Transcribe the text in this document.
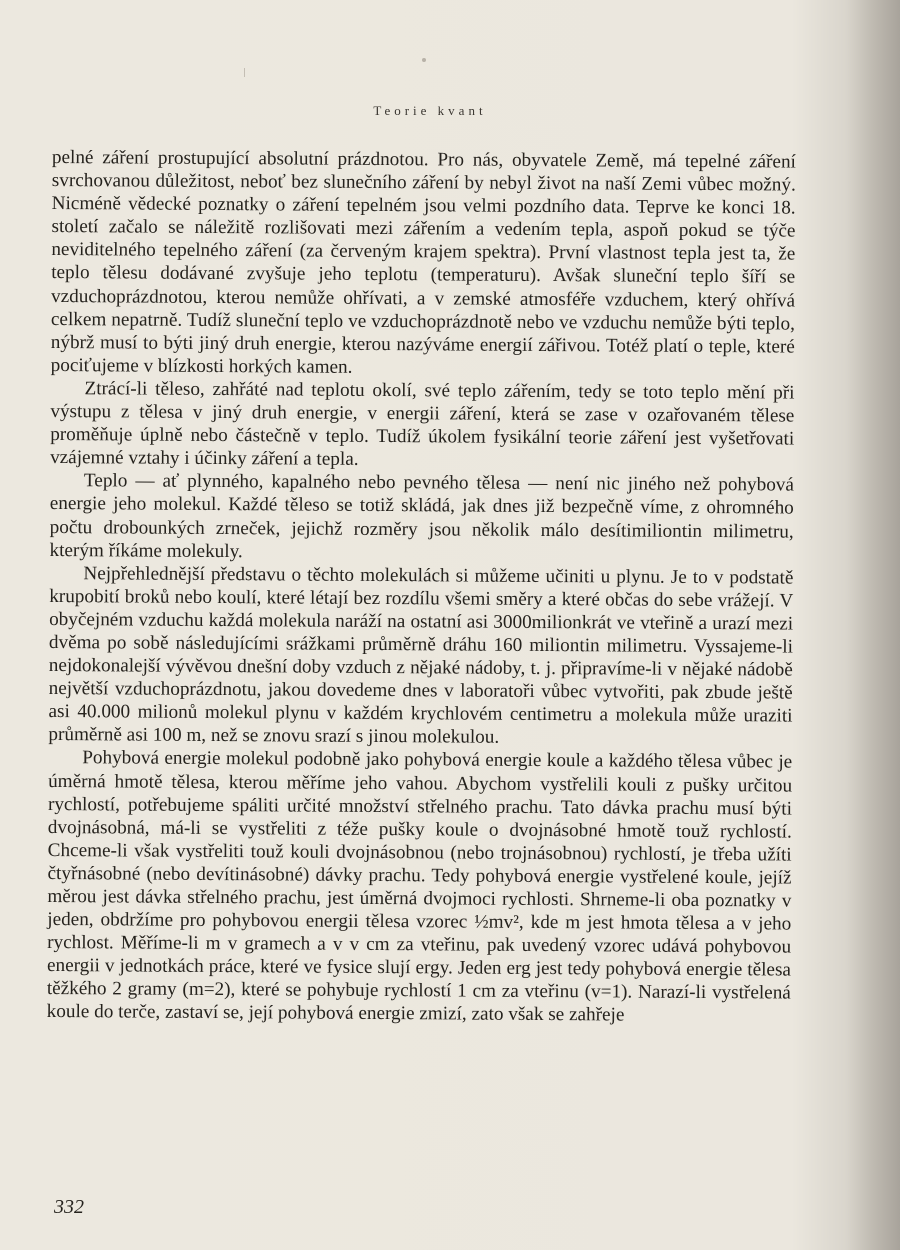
Teorie kvant

pelné záření prostupující absolutní prázdnotou. Pro nás, obyvatele Země, má tepelné záření svrchovanou důležitost, neboť bez slunečního záření by nebyl život na naší Zemi vůbec možný. Nicméně vědecké poznatky o záření tepelném jsou velmi pozdního data. Teprve ke konci 18. století začalo se náležitě rozlišovati mezi zářením a vedením tepla, aspoň pokud se týče neviditelného tepelného záření (za červeným krajem spektra). První vlastnost tepla jest ta, že teplo tělesu dodávané zvyšuje jeho teplotu (temperaturu). Avšak sluneční teplo šíří se vzduchoprázdnotou, kterou nemůže ohřívati, a v zemské atmosféře vzduchem, který ohřívá celkem nepatrně. Tudíž sluneční teplo ve vzduchoprázdnotě nebo ve vzduchu nemůže býti teplo, nýbrž musí to býti jiný druh energie, kterou nazýváme energií zářivou. Totéž platí o teple, které pociťujeme v blízkosti horkých kamen.

Ztrácí-li těleso, zahřáté nad teplotu okolí, své teplo zářením, tedy se toto teplo mění při výstupu z tělesa v jiný druh energie, v energii záření, která se zase v ozařovaném tělese proměňuje úplně nebo částečně v teplo. Tudíž úkolem fysikální teorie záření jest vyšetřovati vzájemné vztahy i účinky záření a tepla.

Teplo — ať plynného, kapalného nebo pevného tělesa — není nic jiného než pohybová energie jeho molekul. Každé těleso se totiž skládá, jak dnes již bezpečně víme, z ohromného počtu drobounkých zrneček, jejichž rozměry jsou několik málo desítimiliontin milimetru, kterým říkáme molekuly.

Nejpřehlednější představu o těchto molekulách si můžeme učiniti u plynu. Je to v podstatě krupobití broků nebo koulí, které létají bez rozdílu všemi směry a které občas do sebe vrážejí. V obyčejném vzduchu každá molekula naráží na ostatní asi 3000milionkrát ve vteřině a urazí mezi dvěma po sobě následujícími srážkami průměrně dráhu 160 miliontin milimetru. Vyssajeme-li nejdokonalejší vývěvou dnešní doby vzduch z nějaké nádoby, t. j. připravíme-li v nějaké nádobě největší vzduchoprázdnotu, jakou dovedeme dnes v laboratoři vůbec vytvořiti, pak zbude ještě asi 40.000 milionů molekul plynu v každém krychlovém centimetru a molekula může uraziti průměrně asi 100 m, než se znovu srazí s jinou molekulou.

Pohybová energie molekul podobně jako pohybová energie koule a každého tělesa vůbec je úměrná hmotě tělesa, kterou měříme jeho vahou. Abychom vystřelili kouli z pušky určitou rychlostí, potřebujeme spáliti určité množství střelného prachu. Tato dávka prachu musí býti dvojnásobná, má-li se vystřeliti z téže pušky koule o dvojnásobné hmotě touž rychlostí. Chceme-li však vystřeliti touž kouli dvojnásobnou (nebo trojnásobnou) rychlostí, je třeba užíti čtyřnásobné (nebo devítinásobné) dávky prachu. Tedy pohybová energie vystřelené koule, jejíž měrou jest dávka střelného prachu, jest úměrná dvojmoci rychlosti. Shrneme-li oba poznatky v jeden, obdržíme pro pohybovou energii tělesa vzorec ½mv², kde m jest hmota tělesa a v jeho rychlost. Měříme-li m v gramech a v v cm za vteřinu, pak uvedený vzorec udává pohybovou energii v jednotkách práce, které ve fysice slují ergy. Jeden erg jest tedy pohybová energie tělesa těžkého 2 gramy (m=2), které se pohybuje rychlostí 1 cm za vteřinu (v=1). Narazí-li vystřelená koule do terče, zastaví se, její pohybová energie zmizí, zato však se zahřeje

332
